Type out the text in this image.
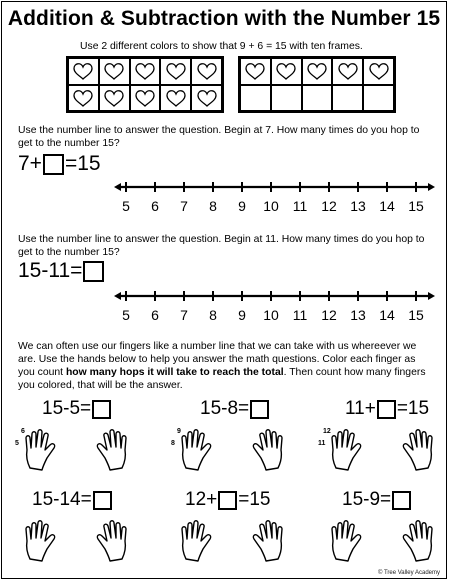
Addition & Subtraction with the Number 15
Use 2 different colors to show that 9 + 6 = 15 with ten frames.
Use the number line to answer the question. Begin at 7. How many times do you hop to get to the number 15?
7+ =15
5 6 7 8 9 10 11 12 13 14 15
Use the number line to answer the question. Begin at 11. How many times do you hop to get to the number 15?
15-11=
5 6 7 8 9 10 11 12 13 14 15
We can often use our fingers like a number line that we can take with us whereever we are. Use the hands below to help you answer the math questions. Color each finger as you count how many hops it will take to reach the total. Then count how many fingers you colored, that will be the answer.
15-5=
6
5
15-8=
9
8
11+ =15
12
11
15-14=	12+ =15	15-9=
© Tree Valley Academy
